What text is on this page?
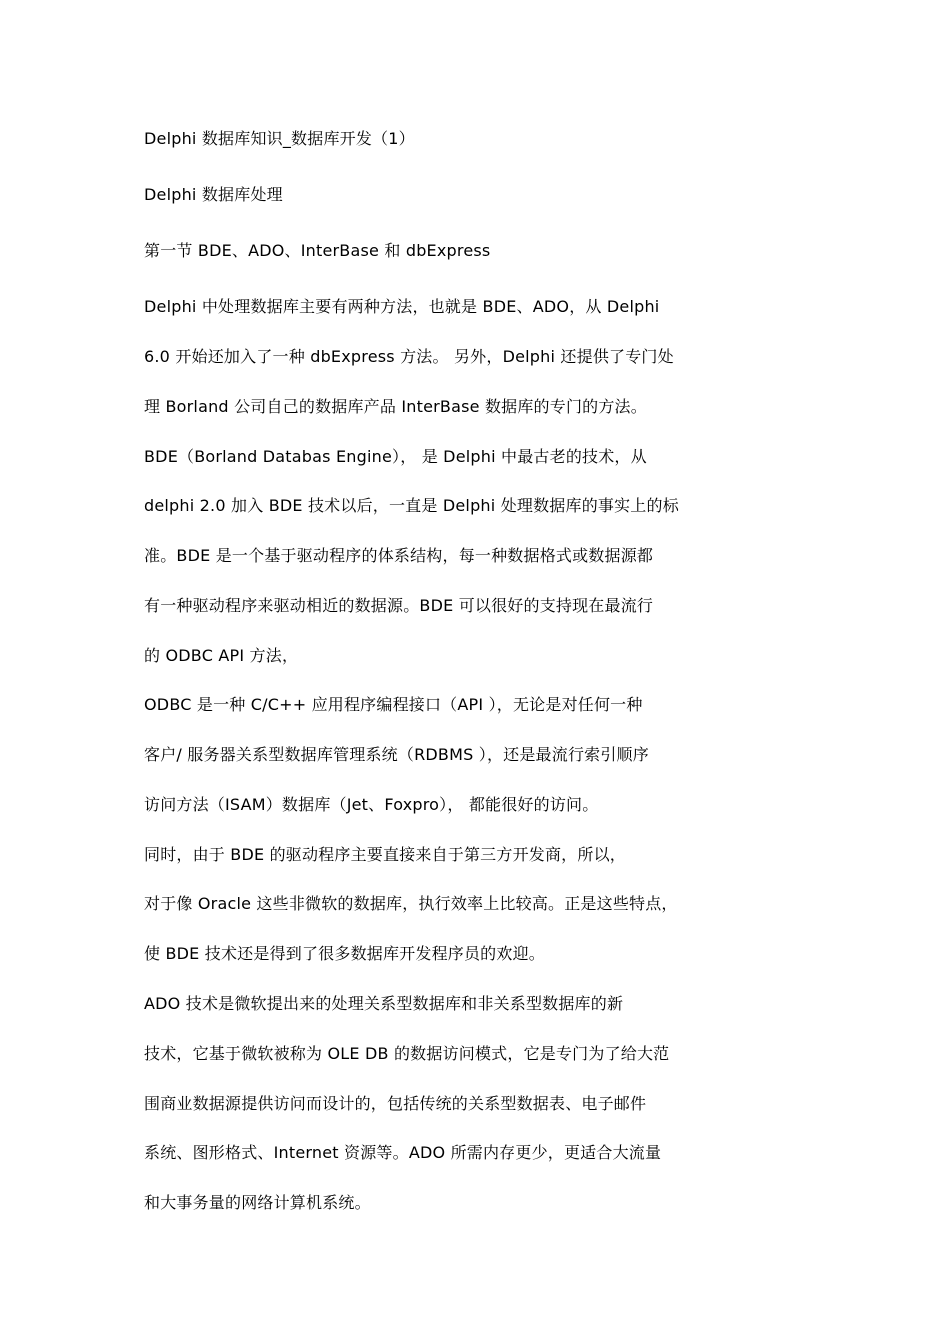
Delphi 数据库知识_数据库开发（1）
Delphi 数据库处理
第一节 BDE、ADO、InterBase 和 dbExpress
Delphi 中处理数据库主要有两种方法，也就是 BDE、ADO，从 Delphi
6.0 开始还加入了一种 dbExpress 方法。 另外，Delphi 还提供了专门处
理 Borland 公司自己的数据库产品 InterBase 数据库的专门的方法。
BDE（Borland Databas Engine）， 是 Delphi 中最古老的技术，从
delphi 2.0 加入 BDE 技术以后，一直是 Delphi 处理数据库的事实上的标
准。BDE 是一个基于驱动程序的体系结构，每一种数据格式或数据源都
有一种驱动程序来驱动相近的数据源。BDE 可以很好的支持现在最流行
的 ODBC API 方法，
ODBC 是一种 C/C++ 应用程序编程接口（API ），无论是对任何一种
客户/ 服务器关系型数据库管理系统（RDBMS ），还是最流行索引顺序
访问方法（ISAM）数据库（Jet、Foxpro）， 都能很好的访问。
同时，由于 BDE 的驱动程序主要直接来自于第三方开发商，所以，
对于像 Oracle 这些非微软的数据库，执行效率上比较高。正是这些特点，
使 BDE 技术还是得到了很多数据库开发程序员的欢迎。
ADO 技术是微软提出来的处理关系型数据库和非关系型数据库的新
技术，它基于微软被称为 OLE DB 的数据访问模式，它是专门为了给大范
围商业数据源提供访问而设计的，包括传统的关系型数据表、电子邮件
系统、图形格式、Internet 资源等。ADO 所需内存更少，更适合大流量
和大事务量的网络计算机系统。
